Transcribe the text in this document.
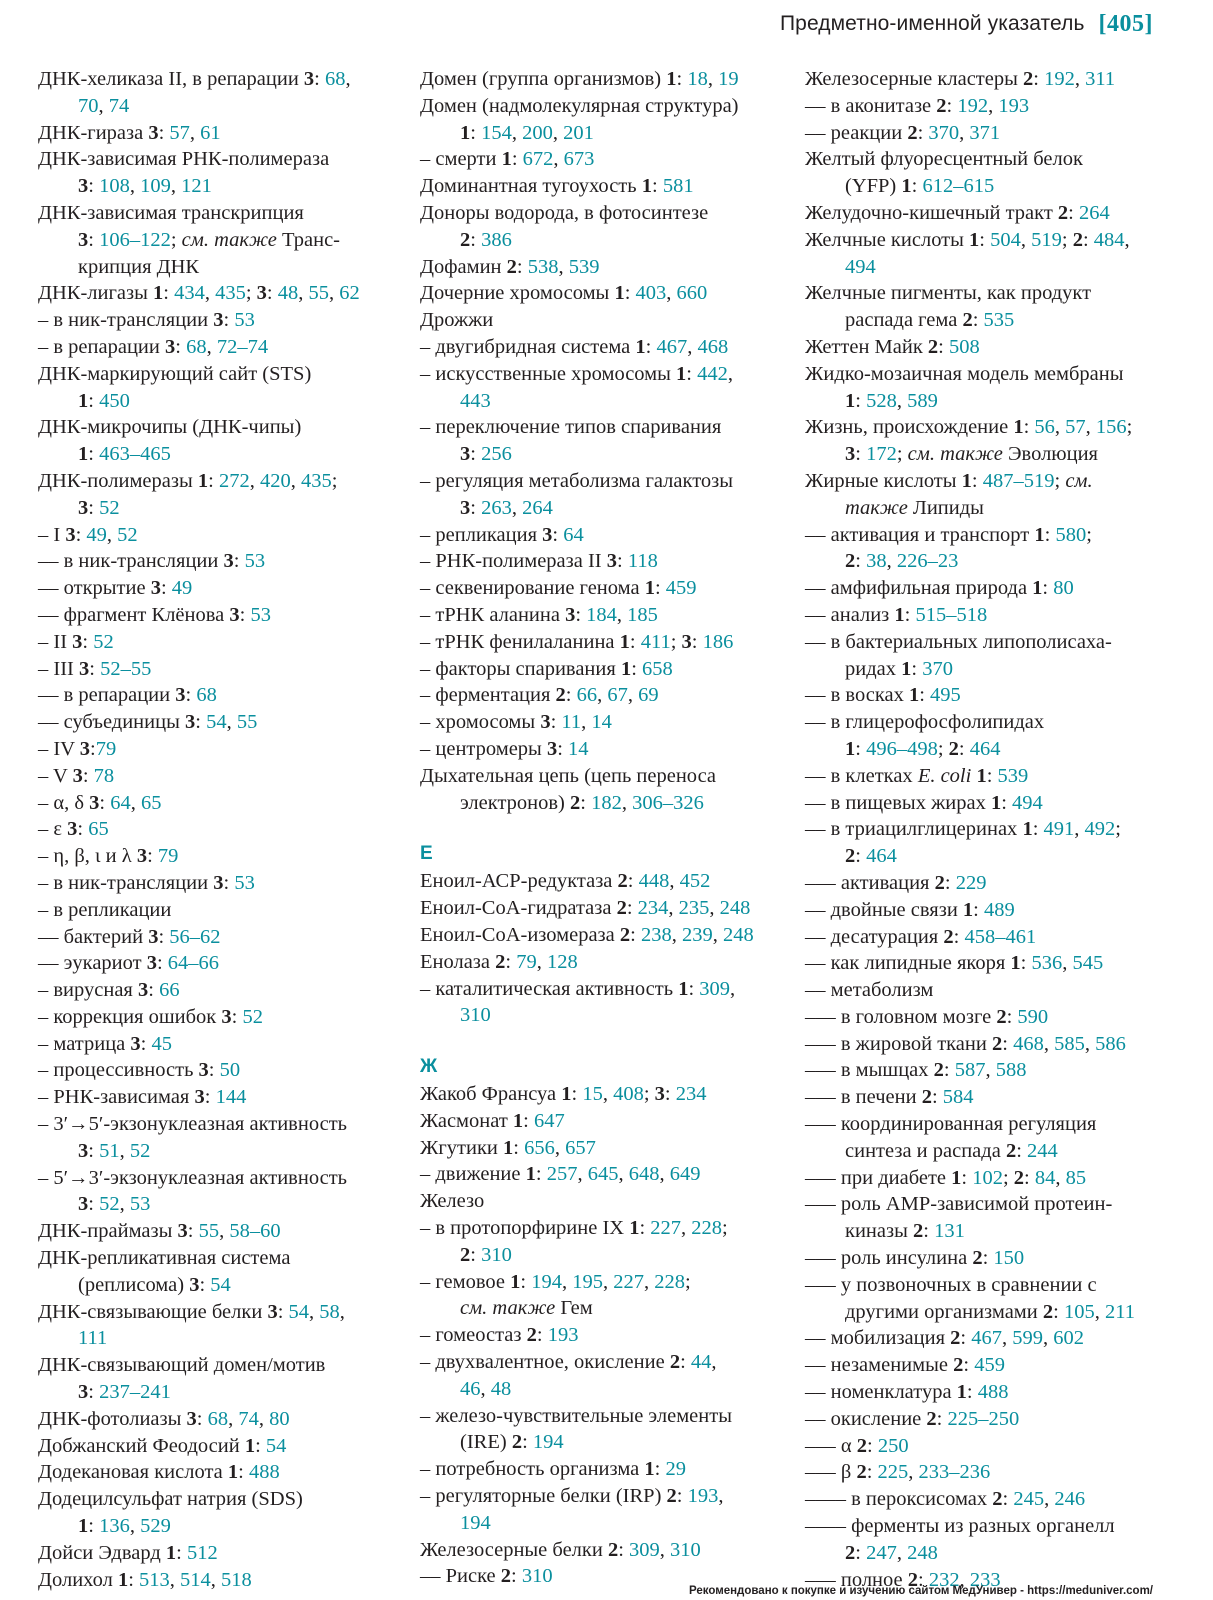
Предметно-именной указатель [405]
ДНК-хеликаза II, в репарации 3: 68,
70, 74
ДНК-гираза 3: 57, 61
ДНК-зависимая РНК-полимераза
3: 108, 109, 121
ДНК-зависимая транскрипция
3: 106–122; см. также Транс-
крипция ДНК
ДНК-лигазы 1: 434, 435; 3: 48, 55, 62
– в ник-трансляции 3: 53
– в репарации 3: 68, 72–74
ДНК-маркирующий сайт (STS)
1: 450
ДНК-микрочипы (ДНК-чипы)
1: 463–465
ДНК-полимеразы 1: 272, 420, 435;
3: 52
– I 3: 49, 52
–– в ник-трансляции 3: 53
–– открытие 3: 49
–– фрагмент Клёнова 3: 53
– II 3: 52
– III 3: 52–55
–– в репарации 3: 68
–– субъединицы 3: 54, 55
– IV 3:79
– V 3: 78
– α, δ 3: 64, 65
– ε 3: 65
– η, β, ι и λ 3: 79
– в ник-трансляции 3: 53
– в репликации
–– бактерий 3: 56–62
–– эукариот 3: 64–66
– вирусная 3: 66
– коррекция ошибок 3: 52
– матрица 3: 45
– процессивность 3: 50
– РНК-зависимая 3: 144
– 3′→5′-экзонуклеазная активность
3: 51, 52
– 5′→3′-экзонуклеазная активность
3: 52, 53
ДНК-праймазы 3: 55, 58–60
ДНК-репликативная система
(реплисома) 3: 54
ДНК-связывающие белки 3: 54, 58,
111
ДНК-связывающий домен/мотив
3: 237–241
ДНК-фотолиазы 3: 68, 74, 80
Добжанский Феодосий 1: 54
Додекановая кислота 1: 488
Додецилсульфат натрия (SDS)
1: 136, 529
Дойси Эдвард 1: 512
Долихол 1: 513, 514, 518
Домен (группа организмов) 1: 18, 19
Домен (надмолекулярная структура)
1: 154, 200, 201
– смерти 1: 672, 673
Доминантная тугоухость 1: 581
Доноры водорода, в фотосинтезе
2: 386
Дофамин 2: 538, 539
Дочерние хромосомы 1: 403, 660
Дрожжи
– двугибридная система 1: 467, 468
– искусственные хромосомы 1: 442,
443
– переключение типов спаривания
3: 256
– регуляция метаболизма галактозы
3: 263, 264
– репликация 3: 64
– РНК-полимераза II 3: 118
– секвенирование генома 1: 459
– тРНК аланина 3: 184, 185
– тРНК фенилаланина 1: 411; 3: 186
– факторы спаривания 1: 658
– ферментация 2: 66, 67, 69
– хромосомы 3: 11, 14
– центромеры 3: 14
Дыхательная цепь (цепь переноса
электронов) 2: 182, 306–326
Е
Еноил-АСР-редуктаза 2: 448, 452
Еноил-СоА-гидратаза 2: 234, 235, 248
Еноил-СоА-изомераза 2: 238, 239, 248
Енолаза 2: 79, 128
– каталитическая активность 1: 309,
310
Ж
Жакоб Франсуа 1: 15, 408; 3: 234
Жасмонат 1: 647
Жгутики 1: 656, 657
– движение 1: 257, 645, 648, 649
Железо
– в протопорфирине IX 1: 227, 228;
2: 310
– гемовое 1: 194, 195, 227, 228;
см. также Гем
– гомеостаз 2: 193
– двухвалентное, окисление 2: 44,
46, 48
– железо-чувствительные элементы
(IRE) 2: 194
– потребность организма 1: 29
– регуляторные белки (IRP) 2: 193,
194
Железосерные белки 2: 309, 310
–– Риске 2: 310
Железосерные кластеры 2: 192, 311
–– в аконитазе 2: 192, 193
–– реакции 2: 370, 371
Желтый флуоресцентный белок
(YFP) 1: 612–615
Желудочно-кишечный тракт 2: 264
Желчные кислоты 1: 504, 519; 2: 484,
494
Желчные пигменты, как продукт
распада гема 2: 535
Жеттен Майк 2: 508
Жидко-мозаичная модель мембраны
1: 528, 589
Жизнь, происхождение 1: 56, 57, 156;
3: 172; см. также Эволюция
Жирные кислоты 1: 487–519; см.
также Липиды
–– активация и транспорт 1: 580;
2: 38, 226–23
–– амфифильная природа 1: 80
–– анализ 1: 515–518
–– в бактериальных липополисаха-
ридах 1: 370
–– в восках 1: 495
–– в глицерофосфолипидах
1: 496–498; 2: 464
–– в клетках E. coli 1: 539
–– в пищевых жирах 1: 494
–– в триацилглицеринах 1: 491, 492;
2: 464
––– активация 2: 229
–– двойные связи 1: 489
–– десатурация 2: 458–461
–– как липидные якоря 1: 536, 545
–– метаболизм
––– в головном мозге 2: 590
––– в жировой ткани 2: 468, 585, 586
––– в мышцах 2: 587, 588
––– в печени 2: 584
––– координированная регуляция
синтеза и распада 2: 244
––– при диабете 1: 102; 2: 84, 85
––– роль AMP-зависимой протеин-
киназы 2: 131
––– роль инсулина 2: 150
––– у позвоночных в сравнении с
другими организмами 2: 105, 211
–– мобилизация 2: 467, 599, 602
–– незаменимые 2: 459
–– номенклатура 1: 488
–– окисление 2: 225–250
––– α 2: 250
––– β 2: 225, 233–236
–––– в пероксисомах 2: 245, 246
–––– ферменты из разных органелл
2: 247, 248
––– полное 2: 232, 233
Рекомендовано к покупке и изучению сайтом МедУнивер - https://meduniver.com/
